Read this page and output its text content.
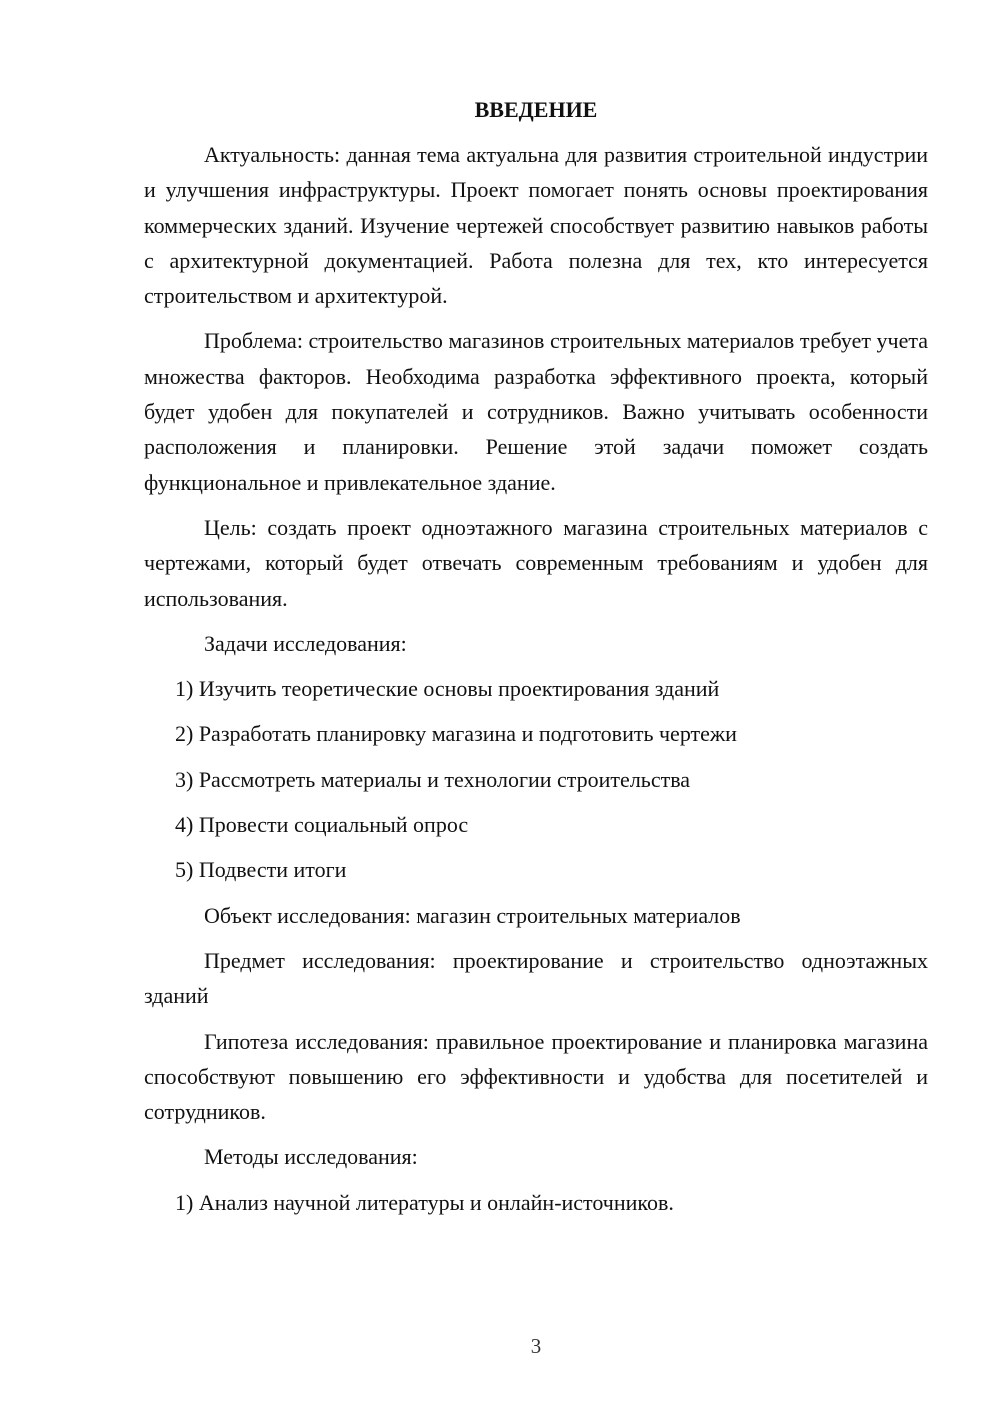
ВВЕДЕНИЕ

Актуальность: данная тема актуальна для развития строительной индустрии и улучшения инфраструктуры. Проект помогает понять основы проектирования коммерческих зданий. Изучение чертежей способствует развитию навыков работы с архитектурной документацией. Работа полезна для тех, кто интересуется строительством и архитектурой.

Проблема: строительство магазинов строительных материалов требует учета множества факторов. Необходима разработка эффективного проекта, который будет удобен для покупателей и сотрудников. Важно учитывать особенности расположения и планировки. Решение этой задачи поможет создать функциональное и привлекательное здание.

Цель: создать проект одноэтажного магазина строительных материалов с чертежами, который будет отвечать современным требованиям и удобен для использования.

Задачи исследования:

1) Изучить теоретические основы проектирования зданий
2) Разработать планировку магазина и подготовить чертежи
3) Рассмотреть материалы и технологии строительства
4) Провести социальный опрос
5) Подвести итоги

Объект исследования: магазин строительных материалов

Предмет исследования: проектирование и строительство одноэтажных зданий

Гипотеза исследования: правильное проектирование и планировка магазина способствуют повышению его эффективности и удобства для посетителей и сотрудников.

Методы исследования:

1) Анализ научной литературы и онлайн-источников.
3
